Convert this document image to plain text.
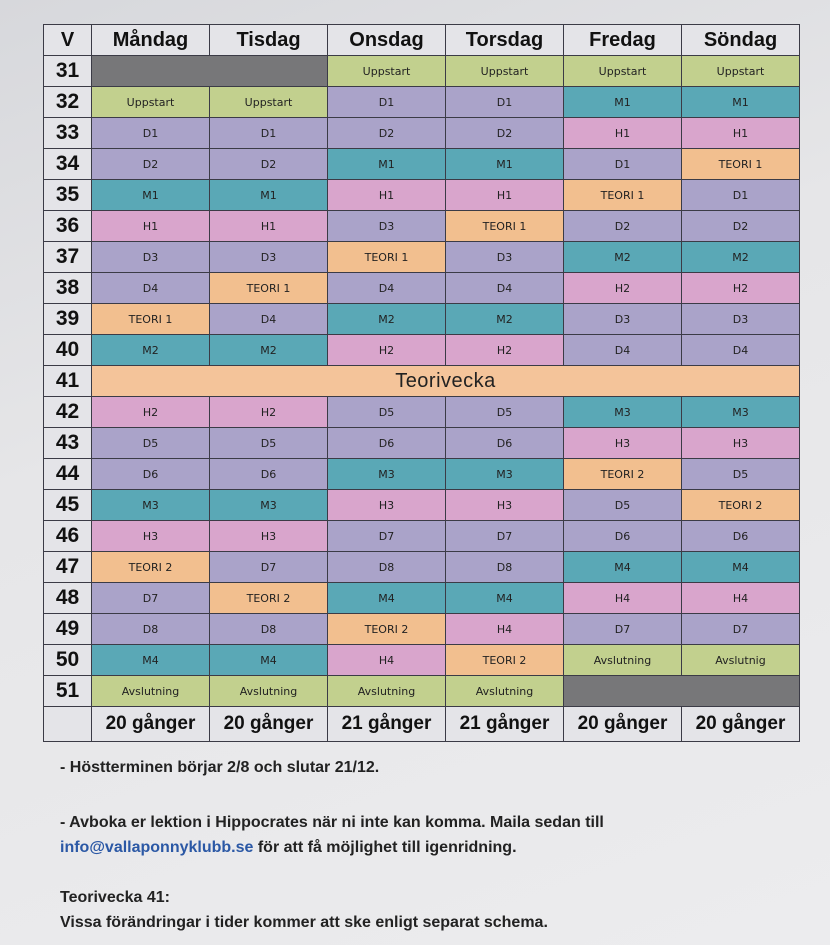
V	Måndag	Tisdag	Onsdag	Torsdag	Fredag	Söndag
31			Uppstart	Uppstart	Uppstart	Uppstart
32	Uppstart	Uppstart	D1	D1	M1	M1
33	D1	D1	D2	D2	H1	H1
34	D2	D2	M1	M1	D1	TEORI 1
35	M1	M1	H1	H1	TEORI 1	D1
36	H1	H1	D3	TEORI 1	D2	D2
37	D3	D3	TEORI 1	D3	M2	M2
38	D4	TEORI 1	D4	D4	H2	H2
39	TEORI 1	D4	M2	M2	D3	D3
40	M2	M2	H2	H2	D4	D4
41	Teorivecka					
42	H2	H2	D5	D5	M3	M3
43	D5	D5	D6	D6	H3	H3
44	D6	D6	M3	M3	TEORI 2	D5
45	M3	M3	H3	H3	D5	TEORI 2
46	H3	H3	D7	D7	D6	D6
47	TEORI 2	D7	D8	D8	M4	M4
48	D7	TEORI 2	M4	M4	H4	H4
49	D8	D8	TEORI 2	H4	D7	D7
50	M4	M4	H4	TEORI 2	Avslutning	Avslutnig
51	Avslutning	Avslutning	Avslutning	Avslutning		
	20 gånger	20 gånger	21 gånger	21 gånger	20 gånger	20 gånger

- Höstterminen börjar 2/8 och slutar 21/12.

- Avboka er lektion i Hippocrates när ni inte kan komma. Maila sedan till

info@vallaponnyklubb.se för att få möjlighet till igenridning.

Teorivecka 41:

Vissa förändringar i tider kommer att ske enligt separat schema.
